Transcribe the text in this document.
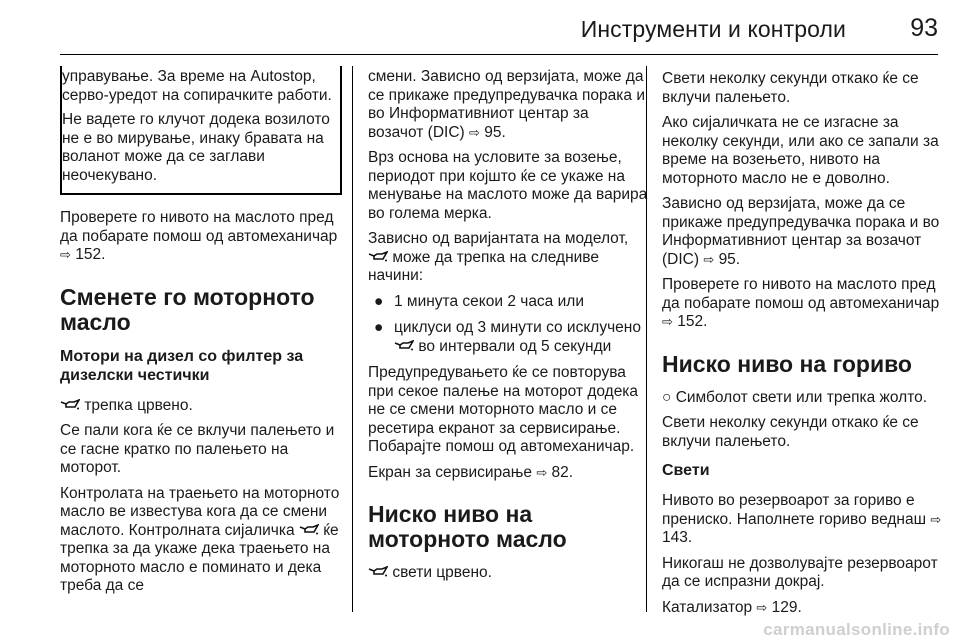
Инструменти и контроли	93

управување. За време на Autostop, серво-уредот на сопирачките работи.

Не вадете го клучот додека возилото не е во мирување, инаку бравата на воланот може да се заглави неочекувано.

Проверете го нивото на маслото пред да побарате помош од автомеханичар ⇨ 152.

Сменете го моторното масло
Мотори на дизел со филтер за дизелски честички

трепка црвено.

Се пали кога ќе се вклучи палењето и се гасне кратко по палењето на моторот.

Контролата на траењето на моторното масло ве известува кога да се смени маслото. Контролната сијаличка ќе трепка за да укаже дека траењето на моторното масло е поминато и дека треба да се

смени. Зависно од верзијата, може да се прикаже предупредувачка порака и во Информативниот центар за возачот (DIC) ⇨ 95.

Врз основа на условите за возење, периодот при којшто ќе се укаже на менување на маслото може да варира во голема мерка.

Зависно од варијантата на моделот,  може да трепка на следниве начини:

● 1 минута секои 2 часа или
● циклуси од 3 минути со исклучено  во интервали од 5 секунди

Предупредувањето ќе се повторува при секое палење на моторот додека не се смени моторното масло и се ресетира екранот за сервисирање.

Побарајте помош од автомеханичар.

Екран за сервисирање ⇨ 82.

Ниско ниво на моторното масло

свети црвено.

Свети неколку секунди откако ќе се вклучи палењето.

Ако сијаличката не се изгасне за неколку секунди, или ако се запали за време на возењето, нивото на моторното масло не е доволно.

Зависно од верзијата, може да се прикаже предупредувачка порака и во Информативниот центар за возачот (DIC) ⇨ 95.

Проверете го нивото на маслото пред да побарате помош од автомеханичар ⇨ 152.

Ниско ниво на гориво

○ Симболот свети или трепка жолто.

Свети неколку секунди откако ќе се вклучи палењето.

Свети

Нивото во резервоарот за гориво е прениско. Наполнете гориво веднаш ⇨ 143.

Никогаш не дозволувајте резервоарот да се испразни докрај.

Катализатор ⇨ 129.

carmanualsonline.info
